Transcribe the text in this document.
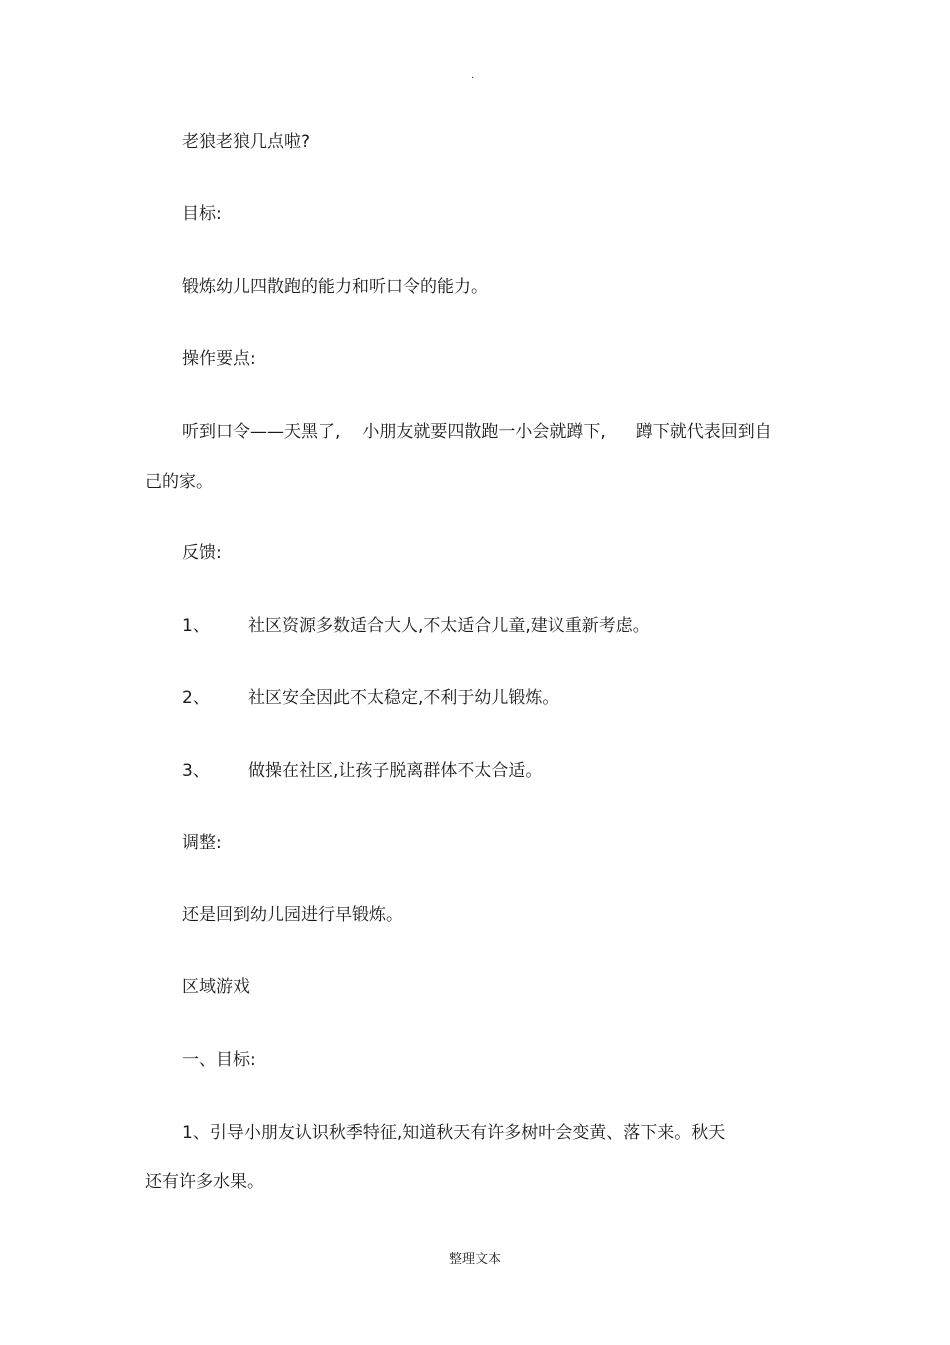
.
老狼老狼几点啦?
目标:
锻炼幼儿四散跑的能力和听口令的能力。
操作要点:
听到口令——天黑了, 小朋友就要四散跑一小会就蹲下, 蹲下就代表回到自
己的家。
反馈:
1、 社区资源多数适合大人,不太适合儿童,建议重新考虑。
2、 社区安全因此不太稳定,不利于幼儿锻炼。
3、 做操在社区,让孩子脱离群体不太合适。
调整:
还是回到幼儿园进行早锻炼。
区域游戏
一、目标:
1、引导小朋友认识秋季特征,知道秋天有许多树叶会变黄、落下来。秋天
还有许多水果。
整理文本
